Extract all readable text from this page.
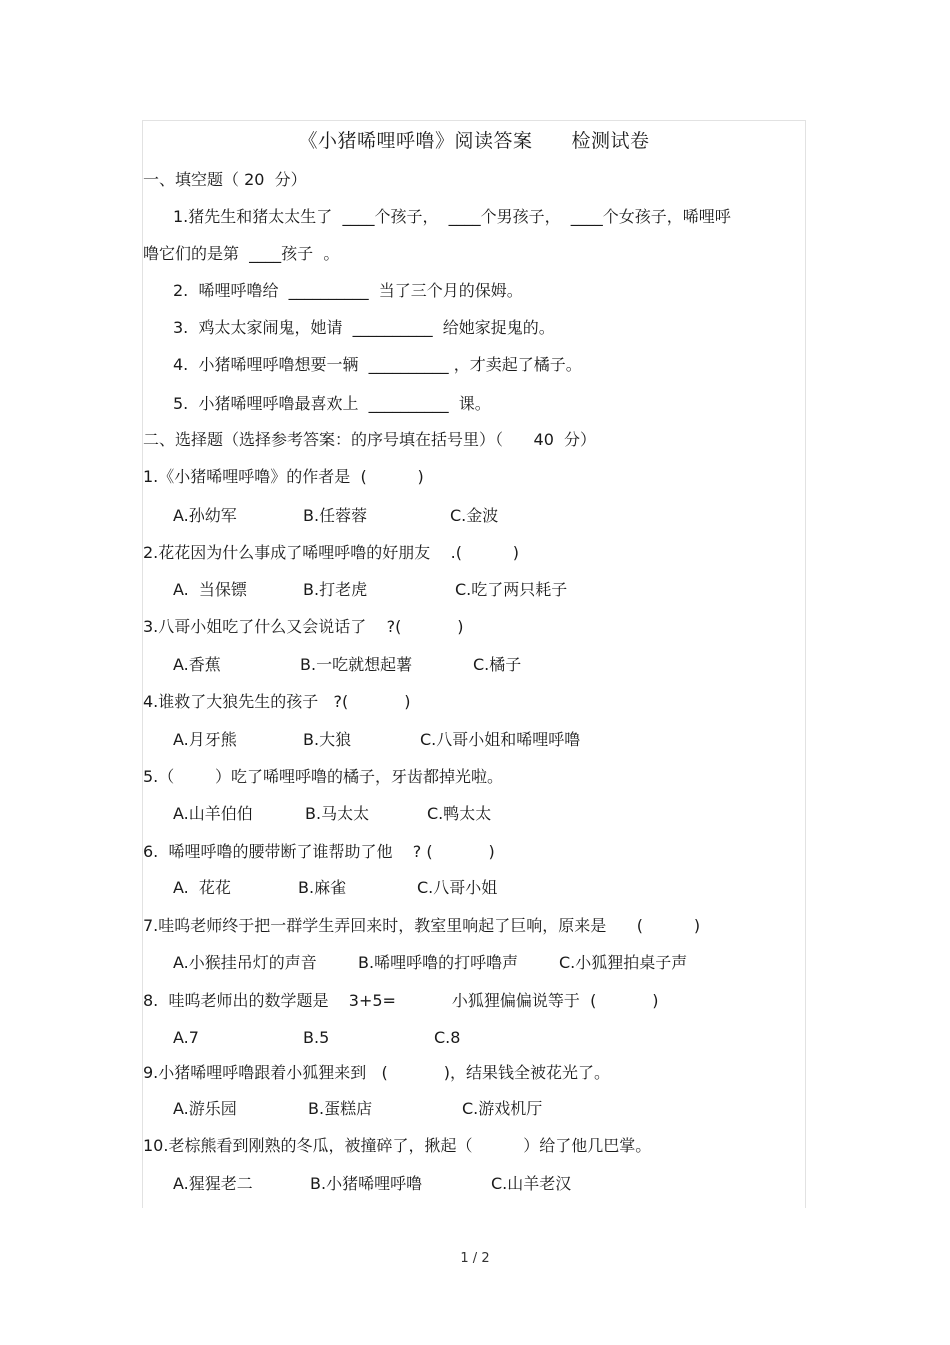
《小猪唏哩呼噜》阅读答案　　检测试卷
一、填空题（ 20  分）
1.猪先生和猪太太生了  ____个孩子，  ____个男孩子，  ____个女孩子，唏哩呼
噜它们的是第  ____孩子  。
2.  唏哩呼噜给  __________  当了三个月的保姆。
3.  鸡太太家闹鬼，她请  __________  给她家捉鬼的。
4.  小猪唏哩呼噜想要一辆  __________ ，才卖起了橘子。
5.  小猪唏哩呼噜最喜欢上  __________  课。
二、选择题（选择参考答案：的序号填在括号里）（      40  分）
1.《小猪唏哩呼噜》的作者是  (          )
A.孙幼军	B.任蓉蓉	C.金波
2.花花因为什么事成了唏哩呼噜的好朋友    .(          )
A.  当保镖	B.打老虎	C.吃了两只耗子
3.八哥小姐吃了什么又会说话了    ?(           )
A.香蕉	B.一吃就想起薯	C.橘子
4.谁救了大狼先生的孩子   ?(           )
A.月牙熊	B.大狼	C.八哥小姐和唏哩呼噜
5.（        ）吃了唏哩呼噜的橘子，牙齿都掉光啦。
A.山羊伯伯	B.马太太	C.鸭太太
6.  唏哩呼噜的腰带断了谁帮助了他    ? (           )
A.  花花	B.麻雀	C.八哥小姐
7.哇呜老师终于把一群学生弄回来时，教室里响起了巨响，原来是      (          )
A.小猴挂吊灯的声音	B.唏哩呼噜的打呼噜声	C.小狐狸拍桌子声
8.  哇呜老师出的数学题是    3+5=           小狐狸偏偏说等于  (           )
A.7	B.5	C.8
9.小猪唏哩呼噜跟着小狐狸来到   (           )，结果钱全被花光了。
A.游乐园	B.蛋糕店	C.游戏机厅
10.老棕熊看到刚熟的冬瓜，被撞碎了，揪起（          ）给了他几巴掌。
A.猩猩老二	B.小猪唏哩呼噜	C.山羊老汉
1 / 2
